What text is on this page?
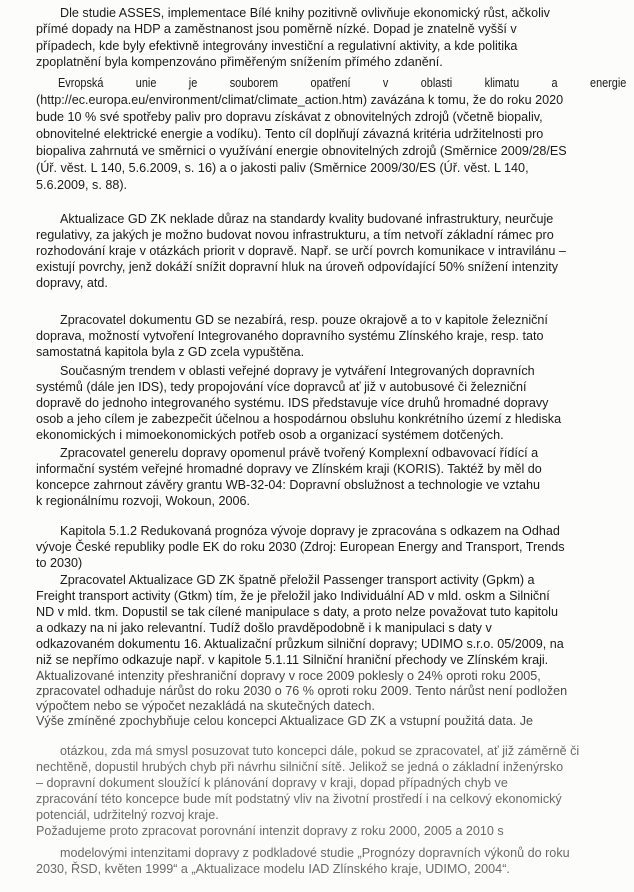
Dle studie ASSES, implementace Bílé knihy pozitivně ovlivňuje ekonomický růst, ačkoliv
přímé dopady na HDP a zaměstnanost jsou poměrně nízké. Dopad je znatelně vyšší v
případech, kde byly efektivně integrovány investiční a regulativní aktivity, a kde politika
zpoplatnění byla kompenzováno přiměřeným snížením přímého zdanění.
Evropská unie je souborem opatření v oblasti klimatu a energie
(http://ec.europa.eu/environment/climat/climate_action.htm) zavázána k tomu, že do roku 2020
bude 10 % své spotřeby paliv pro dopravu získávat z obnovitelných zdrojů (včetně biopaliv,
obnovitelné elektrické energie a vodíku). Tento cíl doplňují závazná kritéria udržitelnosti pro
biopaliva zahrnutá ve směrnici o využívání energie obnovitelných zdrojů (Směrnice 2009/28/ES
(Úř. věst. L 140, 5.6.2009, s. 16) a o jakosti paliv (Směrnice 2009/30/ES (Úř. věst. L 140,
5.6.2009, s. 88).
Aktualizace GD ZK neklade důraz na standardy kvality budované infrastruktury, neurčuje
regulativy, za jakých je možno budovat novou infrastrukturu, a tím netvoří základní rámec pro
rozhodování kraje v otázkách priorit v dopravě. Např. se určí povrch komunikace v intravilánu –
existují povrchy, jenž dokáží snížit dopravní hluk na úroveň odpovídající 50% snížení intenzity
dopravy, atd.
Zpracovatel dokumentu GD se nezabírá, resp. pouze okrajově a to v kapitole železniční
doprava, možností vytvoření Integrovaného dopravního systému Zlínského kraje, resp. tato
samostatná kapitola byla z GD zcela vypuštěna.
Současným trendem v oblasti veřejné dopravy je vytváření Integrovaných dopravních
systémů (dále jen IDS), tedy propojování více dopravců ať již v autobusové či železniční
dopravě do jednoho integrovaného systému. IDS představuje více druhů hromadné dopravy
osob a jeho cílem je zabezpečit účelnou a hospodárnou obsluhu konkrétního území z hlediska
ekonomických i mimoekonomických potřeb osob a organizací systémem dotčených.
Zpracovatel generelu dopravy opomenul právě tvořený Komplexní odbavovací řídící a
informační systém veřejné hromadné dopravy ve Zlínském kraji (KORIS). Taktéž by měl do
koncepce zahrnout závěry grantu WB-32-04: Dopravní obslužnost a technologie ve vztahu
k regionálnímu rozvoji, Wokoun, 2006.
Kapitola 5.1.2 Redukovaná prognóza vývoje dopravy je zpracována s odkazem na Odhad
vývoje České republiky podle EK do roku 2030 (Zdroj: European Energy and Transport, Trends
to 2030)
Zpracovatel Aktualizace GD ZK špatně přeložil Passenger transport activity (Gpkm) a
Freight transport activity (Gtkm) tím, že je přeložil jako Individuální AD v mld. oskm a Silniční
ND v mld. tkm. Dopustil se tak cílené manipulace s daty, a proto nelze považovat tuto kapitolu
a odkazy na ni jako relevantní. Tudíž došlo pravděpodobně i k manipulaci s daty v
odkazovaném dokumentu 16. Aktualizační průzkum silniční dopravy; UDIMO s.r.o. 05/2009, na
niž se nepřímo odkazuje např. v kapitole 5.1.11 Silniční hraniční přechody ve Zlínském kraji.
Aktualizované intenzity přeshraniční dopravy v roce 2009 poklesly o 24% oproti roku 2005,
zpracovatel odhaduje nárůst do roku 2030 o 76 % oproti roku 2009. Tento nárůst není podložen
výpočtem nebo se výpočet nezakládá na skutečných datech.
Výše zmíněné zpochybňuje celou koncepci Aktualizace GD ZK a vstupní použitá data. Je
otázkou, zda má smysl posuzovat tuto koncepci dále, pokud se zpracovatel, ať již záměrně či
nechtěně, dopustil hrubých chyb při návrhu silniční sítě. Jelikož se jedná o základní inženýrsko
– dopravní dokument sloužící k plánování dopravy v kraji, dopad případných chyb ve
zpracování této koncepce bude mít podstatný vliv na životní prostředí i na celkový ekonomický
potenciál, udržitelný rozvoj kraje.
Požadujeme proto zpracovat porovnání intenzit dopravy z roku 2000, 2005 a 2010 s
modelovými intenzitami dopravy z podkladové studie „Prognózy dopravních výkonů do roku
2030, ŘSD, květen 1999“ a „Aktualizace modelu IAD Zlínského kraje, UDIMO, 2004“.
